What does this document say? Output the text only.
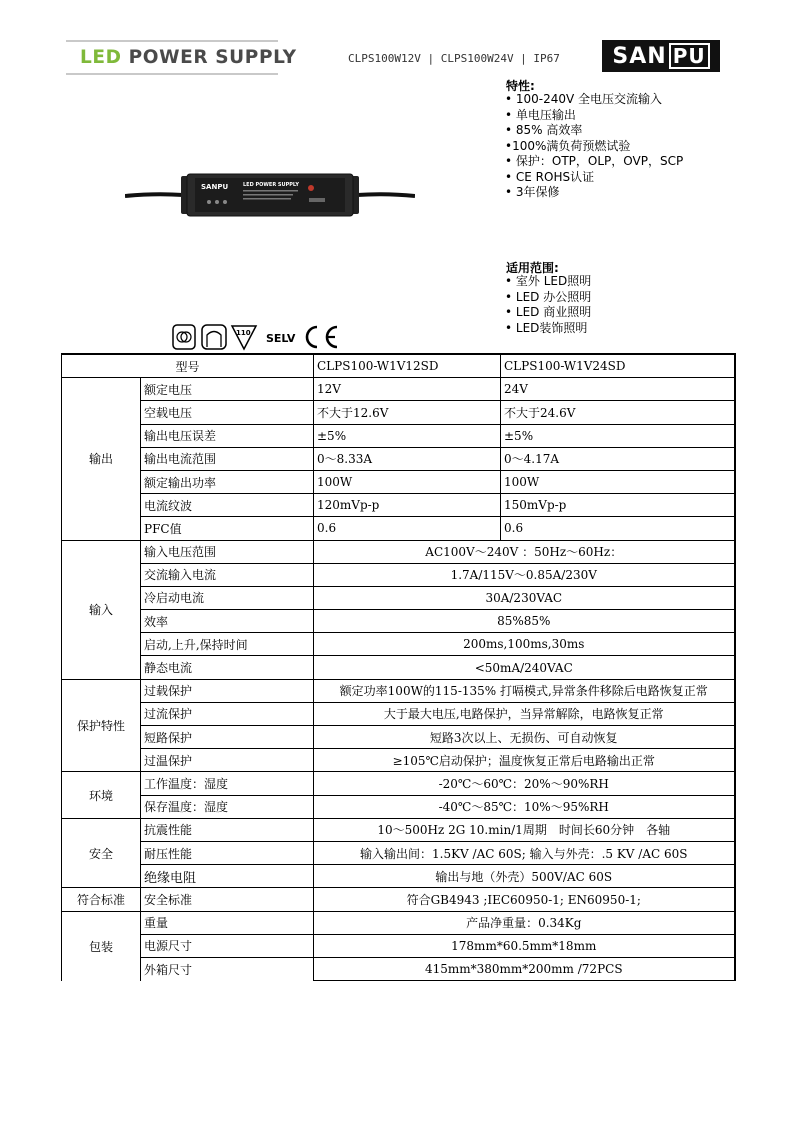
LED POWER SUPPLY	CLPS100W12V | CLPS100W24V | IP67 SAN PU
特性:
• 100-240V 全电压交流输入
• 单电压输出
• 85% 高效率
•100%满负荷预燃试验
• 保护：OTP，OLP，OVP，SCP
• CE ROHS认证
• 3年保修
SANPU	LED POWER SUPPLY
适用范围:
• 室外 LED照明
• LED 办公照明
• LED 商业照明
• LED装饰照明
110 SELV
型号		CLPS100-W1V12SD	CLPS100-W1V24SD
输出	额定电压	12V	24V
	空载电压	不大于12.6V	不大于24.6V
	输出电压误差	±5%	±5%
	输出电流范围	0～8.33A	0～4.17A
	额定输出功率	100W	100W
	电流纹波	120mVp-p	150mVp-p
	PFC值	0.6	0.6
输入	输入电压范围	AC100V～240V ：50Hz～60Hz：	
	交流输入电流	1.7A/115V～0.85A/230V	
	冷启动电流	30A/230VAC	
	效率	85%85%	
	启动,上升,保持时间	200ms,100ms,30ms	
	静态电流	<50mA/240VAC	
保护特性	过载保护	额定功率100W的115-135% 打嗝模式,异常条件移除后电路恢复正常	
	过流保护	大于最大电压,电路保护，当异常解除，电路恢复正常	
	短路保护	短路3次以上、无损伤、可自动恢复	
	过温保护	≥105℃启动保护；温度恢复正常后电路输出正常	
环境	工作温度：湿度	-20℃～60℃：20%～90%RH	
	保存温度：湿度	-40℃～85℃：10%～95%RH	
安全	抗震性能	10～500Hz 2G 10.min/1周期　时间长60分钟　各轴	
	耐压性能	输入输出间：1.5KV /AC 60S; 输入与外壳：.5 KV /AC 60S	
	绝缘电阻	输出与地（外壳）500V/AC 60S	
符合标准	安全标准	符合GB4943 ;IEC60950-1; EN60950-1;	
包装	重量	产品净重量：0.34Kg	
	电源尺寸	178mm*60.5mm*18mm	
	外箱尺寸	415mm*380mm*200mm /72PCS	
